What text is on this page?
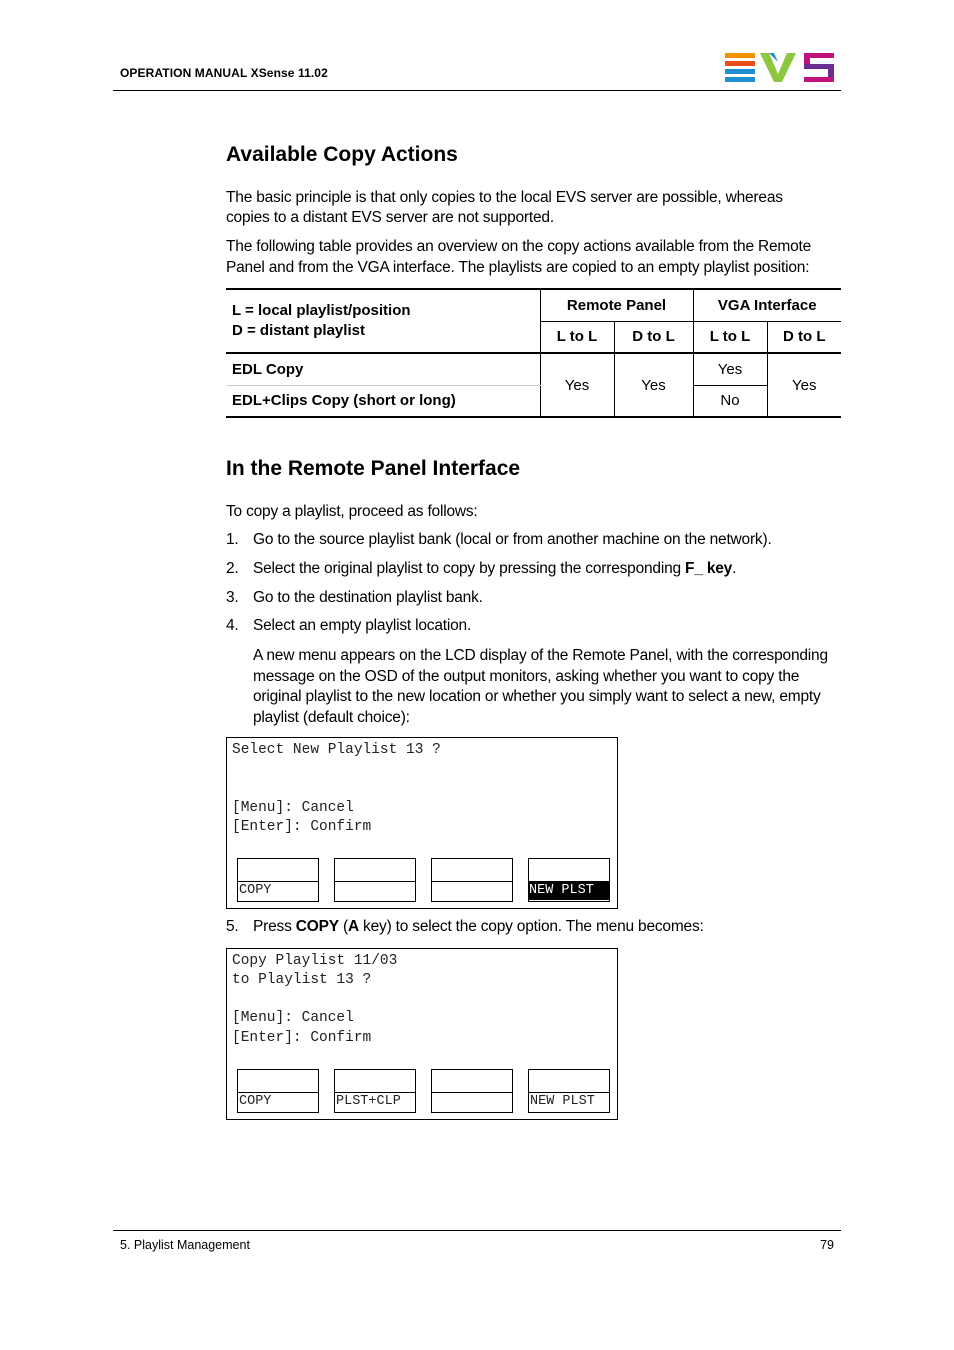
OPERATION MANUAL XSense 11.02
Available Copy Actions

The basic principle is that only copies to the local EVS server are possible, whereas

copies to a distant EVS server are not supported.

The following table provides an overview on the copy actions available from the Remote

Panel and from the VGA interface. The playlists are copied to an empty playlist position:

L = local playlist/position
D = distant playlist	Remote Panel		VGA Interface	
	L to L	D to L	L to L	D to L
EDL Copy	Yes	Yes	Yes	Yes
EDL+Clips Copy (short or long)			No	
In the Remote Panel Interface

To copy a playlist, proceed as follows:

1. Go to the source playlist bank (local or from another machine on the network).
2. Select the original playlist to copy by pressing the corresponding F_ key.
3. Go to the destination playlist bank.
4. Select an empty playlist location.

A new menu appears on the LCD display of the Remote Panel, with the corresponding

message on the OSD of the output monitors, asking whether you want to copy the

original playlist to the new location or whether you simply want to select a new, empty

playlist (default choice):

Select New Playlist 13 ?
[Menu]: Cancel
[Enter]: Confirm
COPY	NEW PLST
5. Press COPY (A key) to select the copy option. The menu becomes:
Copy Playlist 11/03
to Playlist 13 ?
[Menu]: Cancel
[Enter]: Confirm
COPY	PLST+CLP	NEW PLST
5. Playlist Management	79
